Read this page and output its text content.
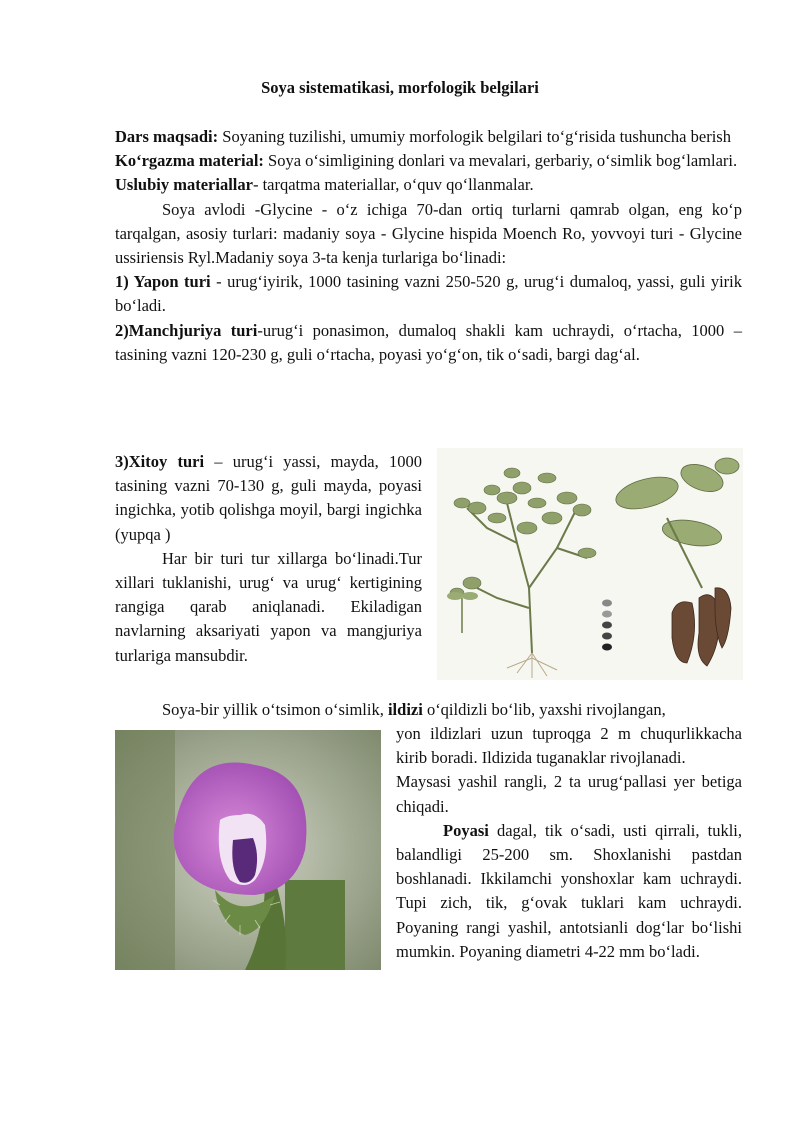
Soya sistematikasi, morfologik belgilari

Dars maqsadi: Soyaning tuzilishi, umumiy morfologik belgilari to‘g‘risida tushuncha berish

Ko‘rgazma material: Soya o‘simligining donlari va mevalari, gerbariy, o‘simlik bog‘lamlari.

Uslubiy materiallar- tarqatma materiallar, o‘quv qo‘llanmalar.

Soya avlodi -Glycine - o‘z ichiga 70-dan ortiq turlarni qamrab olgan, eng ko‘p tarqalgan, asosiy turlari: madaniy soya - Glycine hispida Moench Ro, yovvoyi turi - Glycine ussiriensis Ryl.Madaniy soya 3-ta kenja turlariga bo‘linadi:

1) Yapon turi - urug‘iyirik, 1000 tasining vazni 250-520 g, urug‘i dumaloq, yassi, guli yirik bo‘ladi.

2)Manchjuriya turi-urug‘i ponasimon, dumaloq shakli kam uchraydi, o‘rtacha, 1000 – tasining vazni 120-230 g, guli o‘rtacha, poyasi yo‘g‘on, tik o‘sadi, bargi dag‘al.

3)Xitoy turi – urug‘i yassi, mayda, 1000 tasining vazni 70-130 g, guli mayda, poyasi ingichka, yotib qolishga moyil, bargi ingichka (yupqa )

Har bir turi tur xillarga bo‘linadi.Tur xillari tuklanishi, urug‘ va urug‘ kertigining rangiga qarab aniqlanadi. Ekiladigan navlarning aksariyati yapon va mangjuriya turlariga mansubdir.

Soya-bir yillik o‘tsimon o‘simlik, ildizi o‘qildizli bo‘lib, yaxshi rivojlangan,

yon ildizlari uzun tuproqga 2 m chuqurlikkacha kirib boradi. Ildizida tuganaklar rivojlanadi.

Maysasi yashil rangli, 2 ta urug‘pallasi yer betiga chiqadi.

Poyasi dagal, tik o‘sadi, usti qirrali, tukli, balandligi 25-200 sm. Shoxlanishi pastdan boshlanadi. Ikkilamchi yonshoxlar kam uchraydi. Tupi zich, tik, g‘ovak tuklari kam uchraydi. Poyaning rangi yashil, antotsianli dog‘lar bo‘lishi mumkin. Poyaning diametri 4-22 mm bo‘ladi.
